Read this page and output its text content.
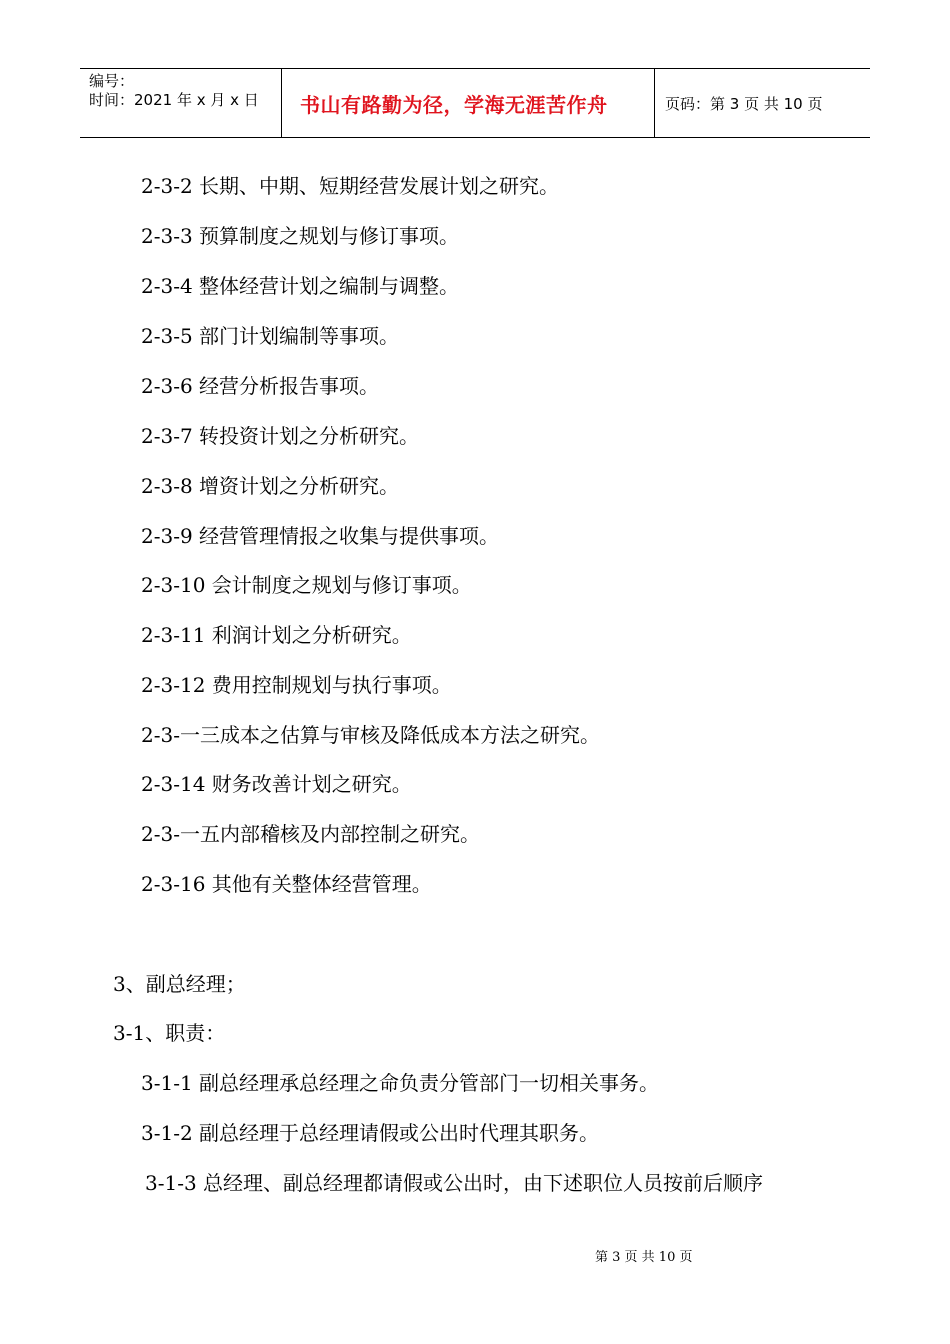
编号：
时间：2021 年 x 月 x 日	书山有路勤为径，学海无涯苦作舟	页码：第 3 页 共 10 页
2-3-2 长期、中期、短期经营发展计划之研究。
2-3-3 预算制度之规划与修订事项。
2-3-4 整体经营计划之编制与调整。
2-3-5 部门计划编制等事项。
2-3-6 经营分析报告事项。
2-3-7 转投资计划之分析研究。
2-3-8 增资计划之分析研究。
2-3-9 经营管理情报之收集与提供事项。
2-3-10 会计制度之规划与修订事项。
2-3-11 利润计划之分析研究。
2-3-12 费用控制规划与执行事项。
2-3-一三成本之估算与审核及降低成本方法之研究。
2-3-14 财务改善计划之研究。
2-3-一五内部稽核及内部控制之研究。
2-3-16 其他有关整体经营管理。
3、副总经理；
3-1、职责：
3-1-1 副总经理承总经理之命负责分管部门一切相关事务。
3-1-2 副总经理于总经理请假或公出时代理其职务。
3-1-3 总经理、副总经理都请假或公出时，由下述职位人员按前后顺序
第 3 页 共 10 页
